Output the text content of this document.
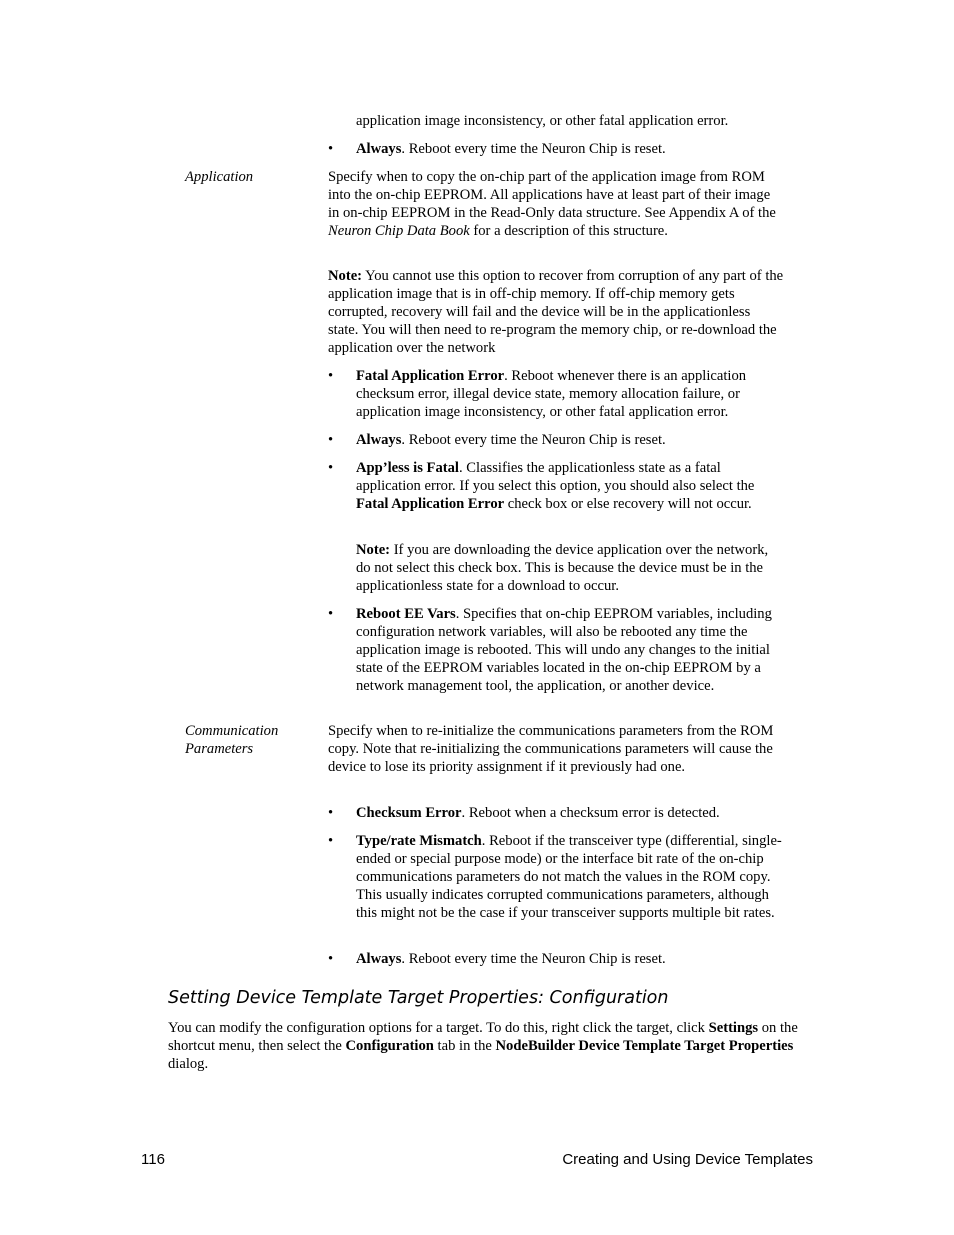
application image inconsistency, or other fatal application error.
• Always. Reboot every time the Neuron Chip is reset.
Application	Specify when to copy the on-chip part of the application image from ROM into the on-chip EEPROM. All applications have at least part of their image in on-chip EEPROM in the Read-Only data structure. See Appendix A of the Neuron Chip Data Book for a description of this structure.
Note: You cannot use this option to recover from corruption of any part of the application image that is in off-chip memory. If off-chip memory gets corrupted, recovery will fail and the device will be in the applicationless state. You will then need to re-program the memory chip, or re-download the application over the network
• Fatal Application Error. Reboot whenever there is an application checksum error, illegal device state, memory allocation failure, or application image inconsistency, or other fatal application error.
• Always. Reboot every time the Neuron Chip is reset.
• App’less is Fatal. Classifies the applicationless state as a fatal application error. If you select this option, you should also select the Fatal Application Error check box or else recovery will not occur.
Note: If you are downloading the device application over the network, do not select this check box. This is because the device must be in the applicationless state for a download to occur.
• Reboot EE Vars. Specifies that on-chip EEPROM variables, including configuration network variables, will also be rebooted any time the application image is rebooted. This will undo any changes to the initial state of the EEPROM variables located in the on-chip EEPROM by a network management tool, the application, or another device.
Communication
Parameters
Specify when to re-initialize the communications parameters from the ROM copy. Note that re-initializing the communications parameters will cause the device to lose its priority assignment if it previously had one.
• Checksum Error. Reboot when a checksum error is detected.
• Type/rate Mismatch. Reboot if the transceiver type (differential, single-ended or special purpose mode) or the interface bit rate of the on-chip communications parameters do not match the values in the ROM copy. This usually indicates corrupted communications parameters, although this might not be the case if your transceiver supports multiple bit rates.
• Always. Reboot every time the Neuron Chip is reset.
Setting Device Template Target Properties: Configuration
You can modify the configuration options for a target. To do this, right click the target, click Settings on the shortcut menu, then select the Configuration tab in the NodeBuilder Device Template Target Properties dialog.
116	Creating and Using Device Templates
